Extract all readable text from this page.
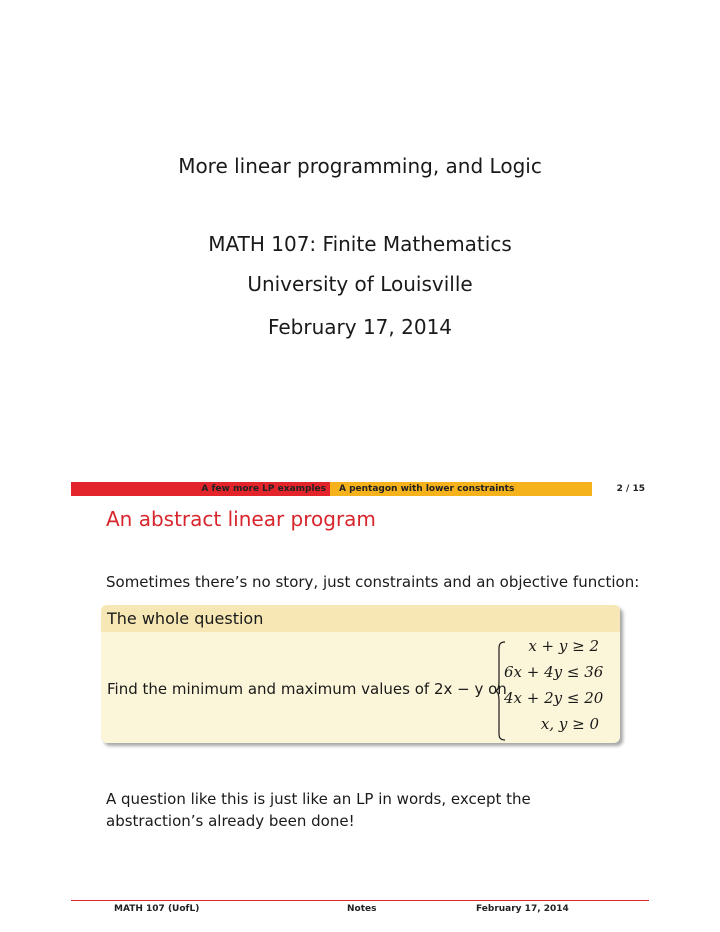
More linear programming, and Logic
MATH 107: Finite Mathematics
University of Louisville
February 17, 2014
A few more LP examples	A pentagon with lower constraints	2 / 15
An abstract linear program
Sometimes there’s no story, just constraints and an objective function:
The whole question
Find the minimum and maximum values of 2x − y on
x + y ≥ 2
6x + 4y ≤ 36
4x + 2y ≤ 20
x, y ≥ 0
A question like this is just like an LP in words, except the abstraction’s already been done!
MATH 107 (UofL)	Notes	February 17, 2014
